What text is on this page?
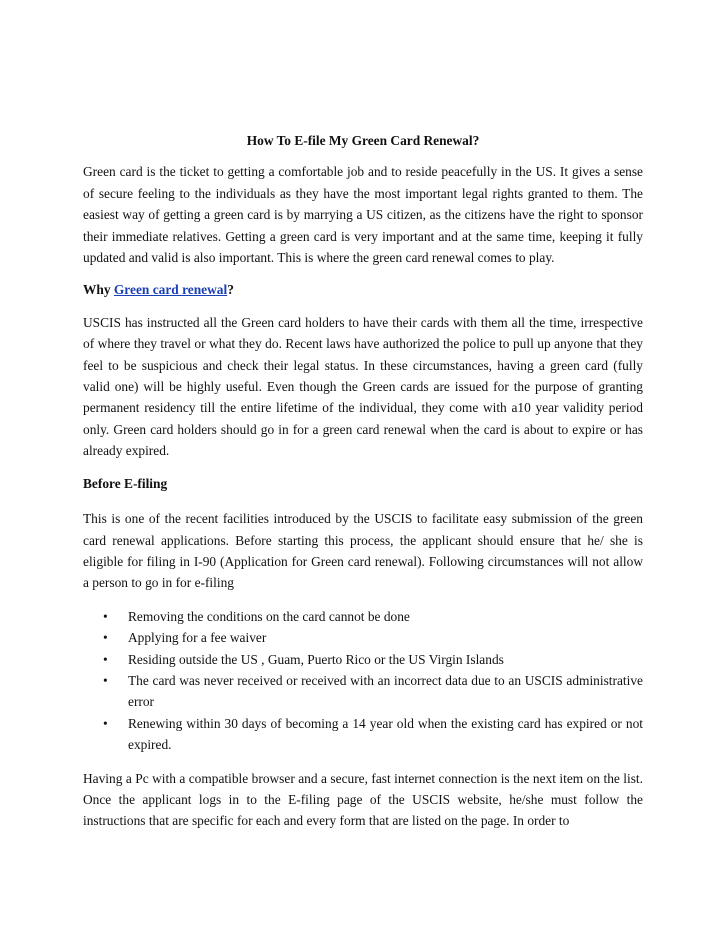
How To E-file My Green Card Renewal?

Green card is the ticket to getting a comfortable job and to reside peacefully in the US. It gives a sense of secure feeling to the individuals as they have the most important legal rights granted to them. The easiest way of getting a green card is by marrying a US citizen, as the citizens have the right to sponsor their immediate relatives. Getting a green card is very important and at the same time, keeping it fully updated and valid is also important. This is where the green card renewal comes to play.

Why Green card renewal?

USCIS has instructed all the Green card holders to have their cards with them all the time, irrespective of where they travel or what they do. Recent laws have authorized the police to pull up anyone that they feel to be suspicious and check their legal status. In these circumstances, having a green card (fully valid one) will be highly useful. Even though the Green cards are issued for the purpose of granting permanent residency till the entire lifetime of the individual, they come with a10 year validity period only. Green card holders should go in for a green card renewal when the card is about to expire or has already expired.

Before E-filing

This is one of the recent facilities introduced by the USCIS to facilitate easy submission of the green card renewal applications. Before starting this process, the applicant should ensure that he/ she is eligible for filing in I-90 (Application for Green card renewal). Following circumstances will not allow a person to go in for e-filing

• Removing the conditions on the card cannot be done
• Applying for a fee waiver
• Residing outside the US , Guam, Puerto Rico or the US Virgin Islands
• The card was never received or received with an incorrect data due to an USCIS administrative error
• Renewing within 30 days of becoming a 14 year old when the existing card has expired or not expired.

Having a Pc with a compatible browser and a secure, fast internet connection is the next item on the list. Once the applicant logs in to the E-filing page of the USCIS website, he/she must follow the instructions that are specific for each and every form that are listed on the page. In order to
